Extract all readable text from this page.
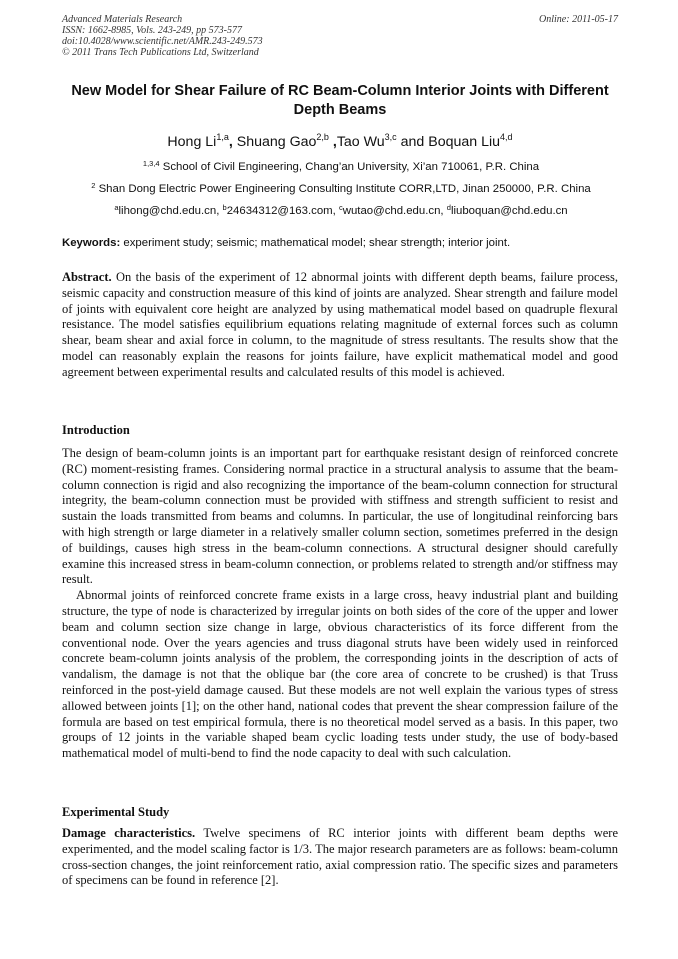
Advanced Materials Research
ISSN: 1662-8985, Vols. 243-249, pp 573-577
doi:10.4028/www.scientific.net/AMR.243-249.573
© 2011 Trans Tech Publications Ltd, Switzerland
Online: 2011-05-17
New Model for Shear Failure of RC Beam-Column Interior Joints with Different Depth Beams
Hong Li$^{1,a}$, Shuang Gao$^{2,b}$ ,Tao Wu$^{3,c}$ and Boquan Liu$^{4,d}$
$^{1,3,4}$ School of Civil Engineering, Chang’an University, Xi’an 710061, P.R. China
$^2$ Shan Dong Electric Power Engineering Consulting Institute CORR,LTD, Jinan 250000, P.R. China
$^a$lihong@chd.edu.cn, $^b$24634312@163.com, $^c$wutao@chd.edu.cn, $^d$liuboquan@chd.edu.cn
Keywords: experiment study; seismic; mathematical model; shear strength; interior joint.

Abstract. On the basis of the experiment of 12 abnormal joints with different depth beams, failure process, seismic capacity and construction measure of this kind of joints are analyzed. Shear strength and failure model of joints with equivalent core height are analyzed by using mathematical model based on quadruple flexural resistance. The model satisfies equilibrium equations relating magnitude of external forces such as column shear, beam shear and axial force in column, to the magnitude of stress resultants. The results show that the model can reasonably explain the reasons for joints failure, have explicit mathematical model and good agreement between experimental results and calculated results of this model is achieved.

Introduction

The design of beam-column joints is an important part for earthquake resistant design of reinforced concrete (RC) moment-resisting frames. Considering normal practice in a structural analysis to assume that the beam-column connection is rigid and also recognizing the importance of the beam-column connection for structural integrity, the beam-column connection must be provided with stiffness and strength sufficient to resist and sustain the loads transmitted from beams and columns. In particular, the use of longitudinal reinforcing bars with high strength or large diameter in a relatively smaller column section, sometimes preferred in the design of buildings, causes high stress in the beam-column connections. A structural designer should carefully examine this increased stress in beam-column connection, or problems related to strength and/or stiffness may result.

Abnormal joints of reinforced concrete frame exists in a large cross, heavy industrial plant and building structure, the type of node is characterized by irregular joints on both sides of the core of the upper and lower beam and column section size change in large, obvious characteristics of its force different from the conventional node. Over the years agencies and truss diagonal struts have been widely used in reinforced concrete beam-column joints analysis of the problem, the corresponding joints in the description of acts of vandalism, the damage is not that the oblique bar (the core area of concrete to be crushed) is that Truss reinforced in the post-yield damage caused. But these models are not well explain the various types of stress allowed between joints [1]; on the other hand, national codes that prevent the shear compression failure of the formula are based on test empirical formula, there is no theoretical model served as a basis. In this paper, two groups of 12 joints in the variable shaped beam cyclic loading tests under study, the use of body-based mathematical model of multi-bend to find the node capacity to deal with such calculation.

Experimental Study

Damage characteristics. Twelve specimens of RC interior joints with different beam depths were experimented, and the model scaling factor is 1/3. The major research parameters are as follows: beam-column cross-section changes, the joint reinforcement ratio, axial compression ratio. The specific sizes and parameters of specimens can be found in reference [2].
